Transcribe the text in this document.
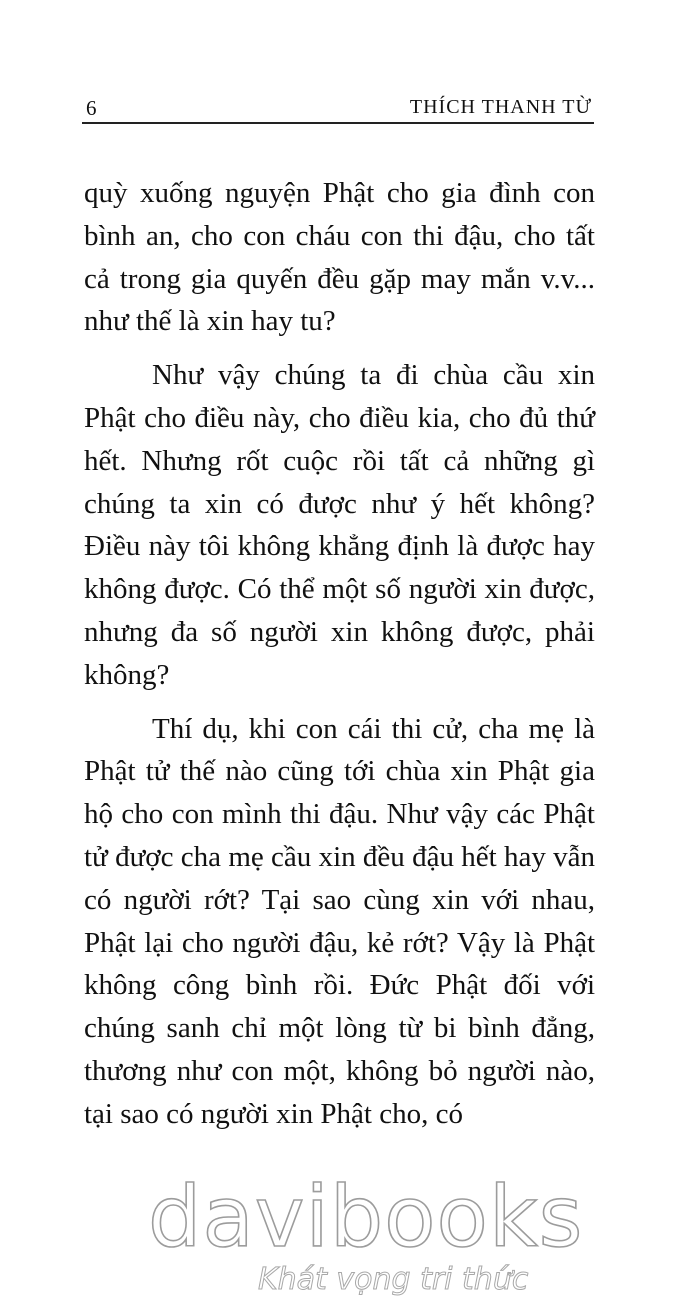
6	THÍCH THANH TỪ

quỳ xuống nguyện Phật cho gia đình con bình an, cho con cháu con thi đậu, cho tất cả trong gia quyến đều gặp may mắn v.v... như thế là xin hay tu?

Như vậy chúng ta đi chùa cầu xin Phật cho điều này, cho điều kia, cho đủ thứ hết. Nhưng rốt cuộc rồi tất cả những gì chúng ta xin có được như ý hết không? Điều này tôi không khẳng định là được hay không được. Có thể một số người xin được, nhưng đa số người xin không được, phải không?

Thí dụ, khi con cái thi cử, cha mẹ là Phật tử thế nào cũng tới chùa xin Phật gia hộ cho con mình thi đậu. Như vậy các Phật tử được cha mẹ cầu xin đều đậu hết hay vẫn có người rớt? Tại sao cùng xin với nhau, Phật lại cho người đậu, kẻ rớt? Vậy là Phật không công bình rồi. Đức Phật đối với chúng sanh chỉ một lòng từ bi bình đẳng, thương như con một, không bỏ người nào, tại sao có người xin Phật cho, có

davibooks
Khát vọng tri thức
